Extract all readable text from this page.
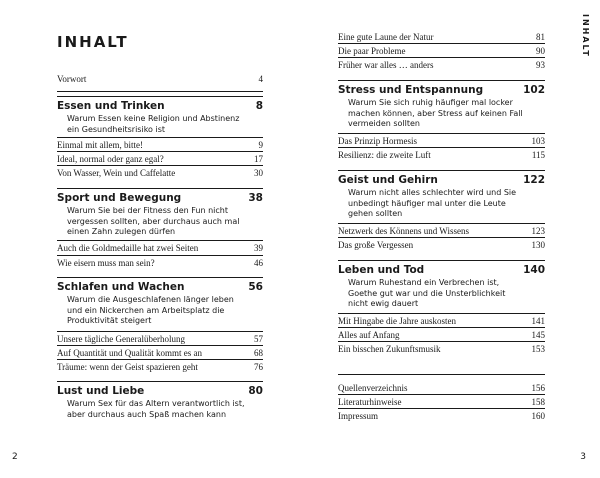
INHALT
Vorwort	4
Essen und Trinken	8
Warum Essen keine Religion und Abstinenz
ein Gesundheitsrisiko ist
Einmal mit allem, bitte!	9
Ideal, normal oder ganz egal?	17
Von Wasser, Wein und Caffelatte	30
Sport und Bewegung	38
Warum Sie bei der Fitness den Fun nicht
vergessen sollten, aber durchaus auch mal
einen Zahn zulegen dürfen
Auch die Goldmedaille hat zwei Seiten	39
Wie eisern muss man sein?	46
Schlafen und Wachen	56
Warum die Ausgeschlafenen länger leben
und ein Nickerchen am Arbeitsplatz die
Produktivität steigert
Unsere tägliche Generalüberholung	57
Auf Quantität und Qualität kommt es an	68
Träume: wenn der Geist spazieren geht	76
Lust und Liebe	80
Warum Sex für das Altern verantwortlich ist,
aber durchaus auch Spaß machen kann
2
INHALT
Eine gute Laune der Natur	81
Die paar Probleme	90
Früher war alles … anders	93
Stress und Entspannung	102
Warum Sie sich ruhig häufiger mal locker
machen können, aber Stress auf keinen Fall
vermeiden sollten
Das Prinzip Hormesis	103
Resilienz: die zweite Luft	115
Geist und Gehirn	122
Warum nicht alles schlechter wird und Sie
unbedingt häufiger mal unter die Leute
gehen sollten
Netzwerk des Könnens und Wissens	123
Das große Vergessen	130
Leben und Tod	140
Warum Ruhestand ein Verbrechen ist,
Goethe gut war und die Unsterblichkeit
nicht ewig dauert
Mit Hingabe die Jahre auskosten	141
Alles auf Anfang	145
Ein bisschen Zukunftsmusik	153
Quellenverzeichnis	156
Literaturhinweise	158
Impressum	160
3
